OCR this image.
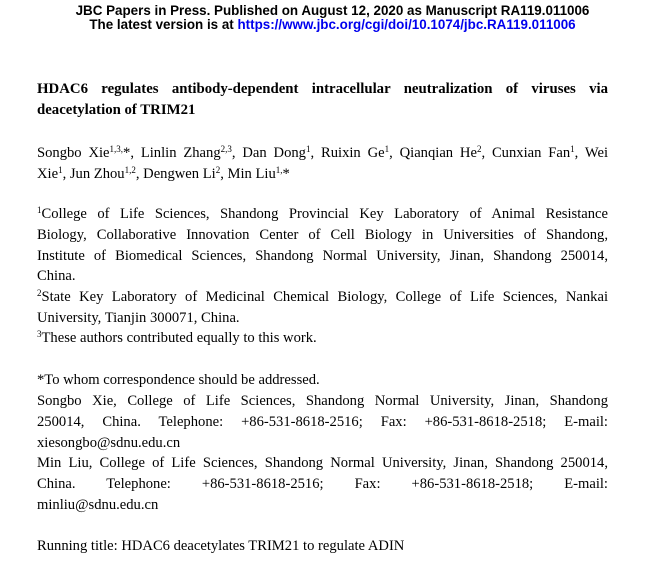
JBC Papers in Press. Published on August 12, 2020 as Manuscript RA119.011006
The latest version is at https://www.jbc.org/cgi/doi/10.1074/jbc.RA119.011006
HDAC6 regulates antibody-dependent intracellular neutralization of viruses via
deacetylation of TRIM21
Songbo Xie$^{1,3,}$*, Linlin Zhang$^{2,3}$, Dan Dong$^1$, Ruixin Ge$^1$, Qianqian He$^2$, Cunxian Fan$^1$, Wei
Xie$^1$, Jun Zhou$^{1,2}$, Dengwen Li$^2$, Min Liu$^{1,}$*
$^1$College of Life Sciences, Shandong Provincial Key Laboratory of Animal Resistance
Biology, Collaborative Innovation Center of Cell Biology in Universities of Shandong,
Institute of Biomedical Sciences, Shandong Normal University, Jinan, Shandong 250014,
China.
$^2$State Key Laboratory of Medicinal Chemical Biology, College of Life Sciences, Nankai
University, Tianjin 300071, China.
$^3$These authors contributed equally to this work.
*To whom correspondence should be addressed.
Songbo Xie, College of Life Sciences, Shandong Normal University, Jinan, Shandong
250014, China. Telephone: +86-531-8618-2516; Fax: +86-531-8618-2518; E-mail:
xiesongbo@sdnu.edu.cn
Min Liu, College of Life Sciences, Shandong Normal University, Jinan, Shandong 250014,
China. Telephone: +86-531-8618-2516; Fax: +86-531-8618-2518; E-mail:
minliu@sdnu.edu.cn
Running title: HDAC6 deacetylates TRIM21 to regulate ADIN
